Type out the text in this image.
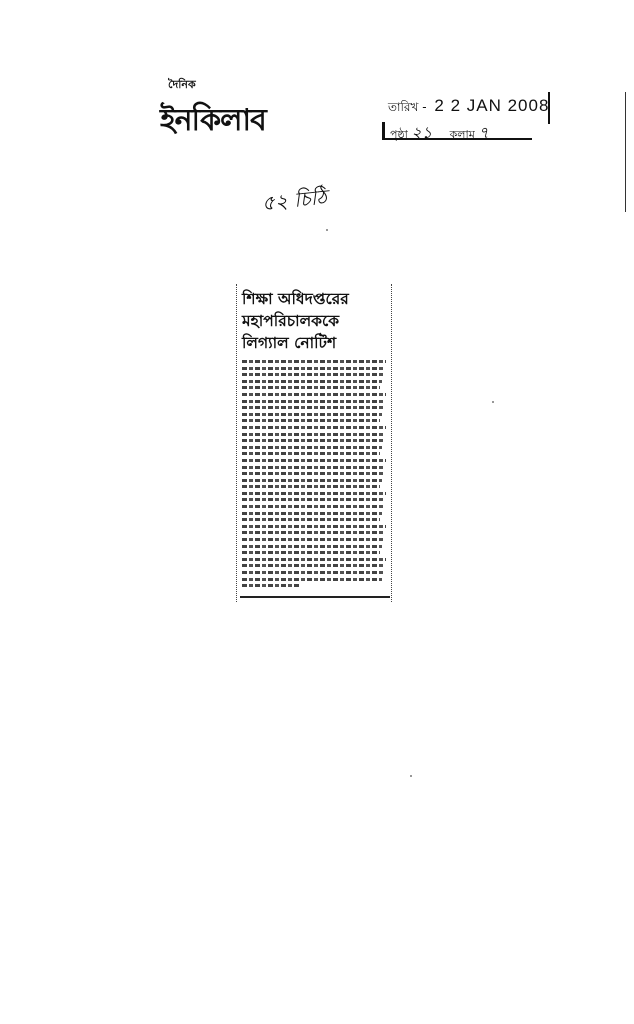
দৈনিক
ইনকিলাব	তারিখ - 2 2 JAN 2008
পৃষ্ঠা ২১ কলাম ৭
৫২ চিঠি
শিক্ষা অধিদপ্তরের
মহাপরিচালককে
লিগ্যাল নোটিশ
